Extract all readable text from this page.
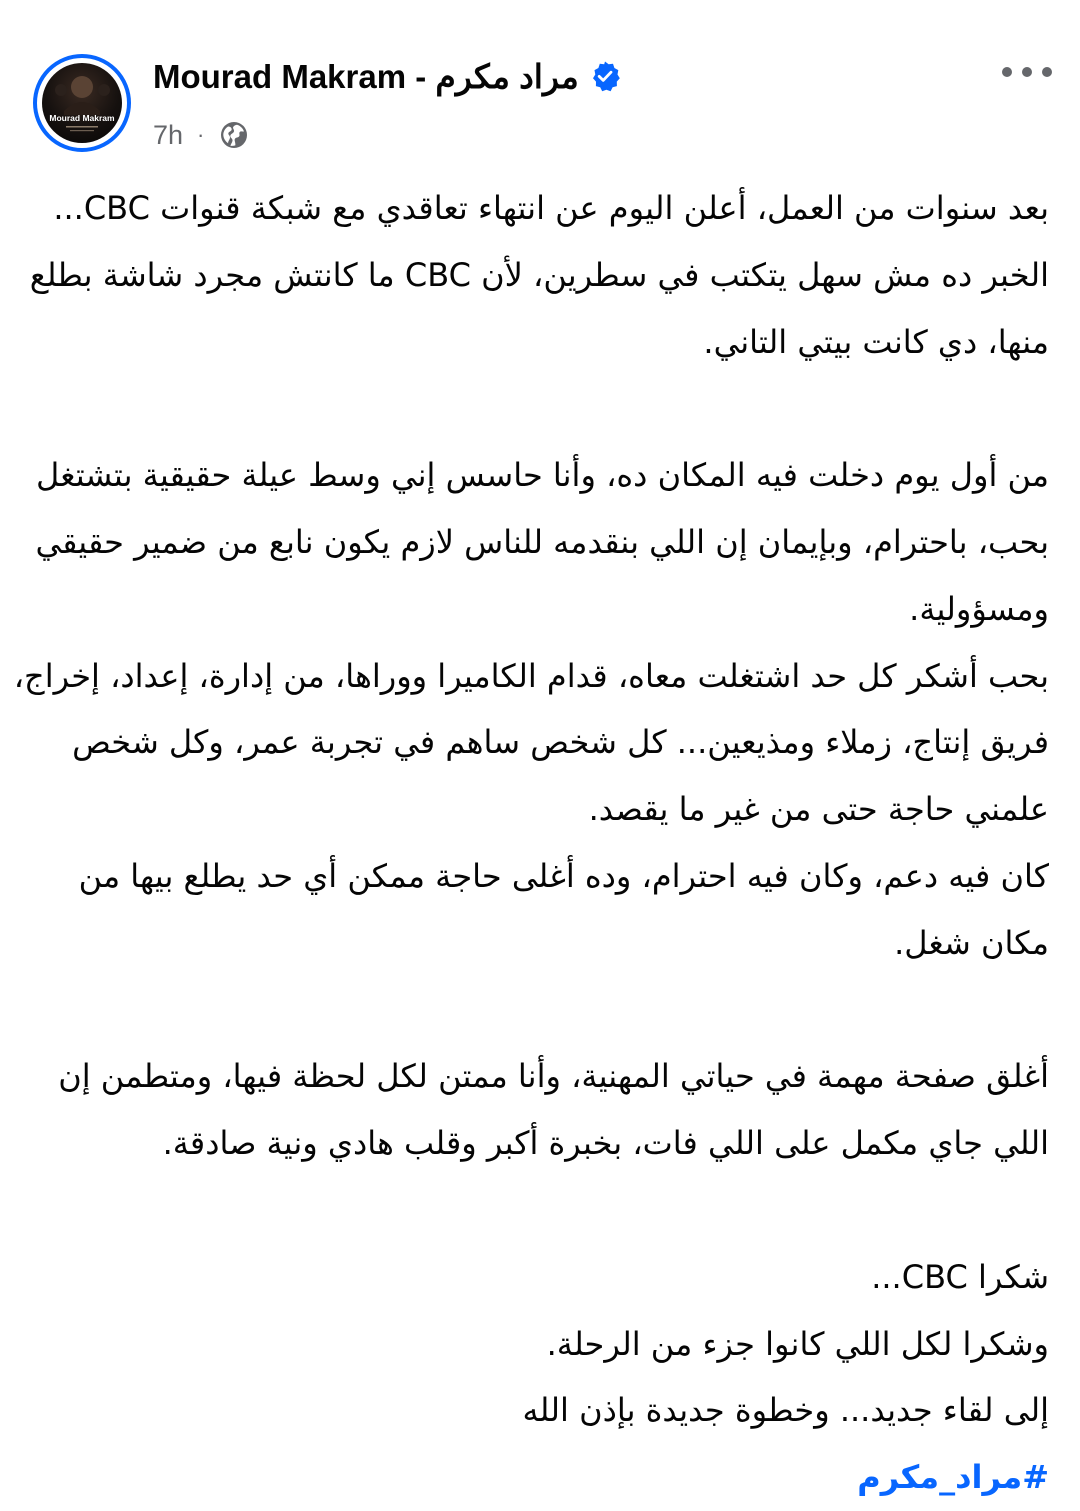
Mourad Makram
Mourad Makram - مراد مكرم
7h ·

بعد سنوات من العمل، أعلن اليوم عن انتهاء تعاقدي مع شبكة قنوات CBC...

الخبر ده مش سهل يتكتب في سطرين، لأن CBC ما كانتش مجرد شاشة بطلع

منها، دي كانت بيتي التاني.

من أول يوم دخلت فيه المكان ده، وأنا حاسس إني وسط عيلة حقيقية بتشتغل

بحب، باحترام، وبإيمان إن اللي بنقدمه للناس لازم يكون نابع من ضمير حقيقي

ومسؤولية.

بحب أشكر كل حد اشتغلت معاه، قدام الكاميرا ووراها، من إدارة، إعداد، إخراج،

فريق إنتاج، زملاء ومذيعين... كل شخص ساهم في تجربة عمر، وكل شخص

علمني حاجة حتى من غير ما يقصد.

كان فيه دعم، وكان فيه احترام، وده أغلى حاجة ممكن أي حد يطلع بيها من

مكان شغل.

أغلق صفحة مهمة في حياتي المهنية، وأنا ممتن لكل لحظة فيها، ومتطمن إن

اللي جاي مكمل على اللي فات، بخبرة أكبر وقلب هادي ونية صادقة.

شكرا CBC...

وشكرا لكل اللي كانوا جزء من الرحلة.

إلى لقاء جديد... وخطوة جديدة بإذن الله

#مراد_مكرم
